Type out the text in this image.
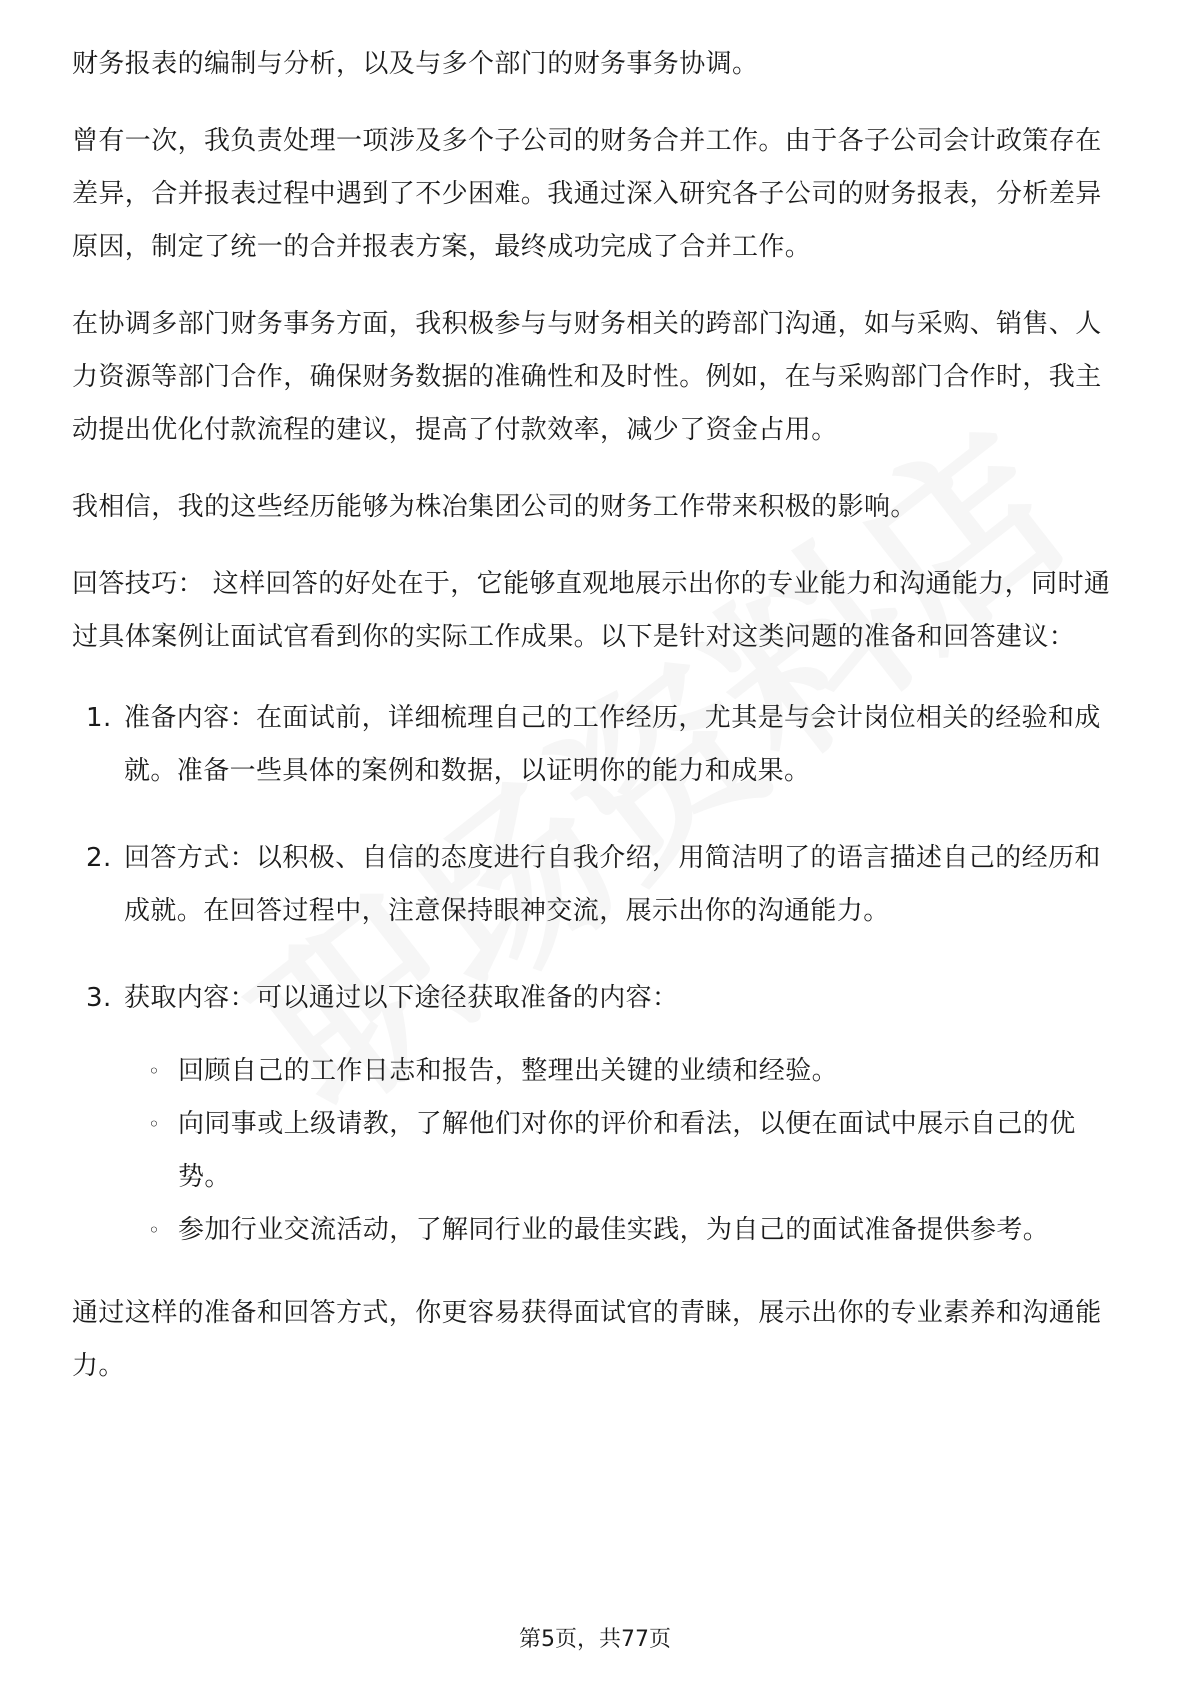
财务报表的编制与分析，以及与多个部门的财务事务协调。

曾有一次，我负责处理一项涉及多个子公司的财务合并工作。由于各子公司会计政策存在差异，合并报表过程中遇到了不少困难。我通过深入研究各子公司的财务报表，分析差异原因，制定了统一的合并报表方案，最终成功完成了合并工作。

在协调多部门财务事务方面，我积极参与与财务相关的跨部门沟通，如与采购、销售、人力资源等部门合作，确保财务数据的准确性和及时性。例如，在与采购部门合作时，我主动提出优化付款流程的建议，提高了付款效率，减少了资金占用。

我相信，我的这些经历能够为株冶集团公司的财务工作带来积极的影响。

回答技巧： 这样回答的好处在于，它能够直观地展示出你的专业能力和沟通能力，同时通过具体案例让面试官看到你的实际工作成果。以下是针对这类问题的准备和回答建议：

1. 准备内容：在面试前，详细梳理自己的工作经历，尤其是与会计岗位相关的经验和成就。准备一些具体的案例和数据，以证明你的能力和成果。
2. 回答方式：以积极、自信的态度进行自我介绍，用简洁明了的语言描述自己的经历和成就。在回答过程中，注意保持眼神交流，展示出你的沟通能力。
3. 获取内容：可以通过以下途径获取准备的内容：
◦ 回顾自己的工作日志和报告，整理出关键的业绩和经验。
◦ 向同事或上级请教，了解他们对你的评价和看法，以便在面试中展示自己的优势。
◦ 参加行业交流活动，了解同行业的最佳实践，为自己的面试准备提供参考。

通过这样的准备和回答方式，你更容易获得面试官的青睐，展示出你的专业素养和沟通能力。

第5页，共77页
